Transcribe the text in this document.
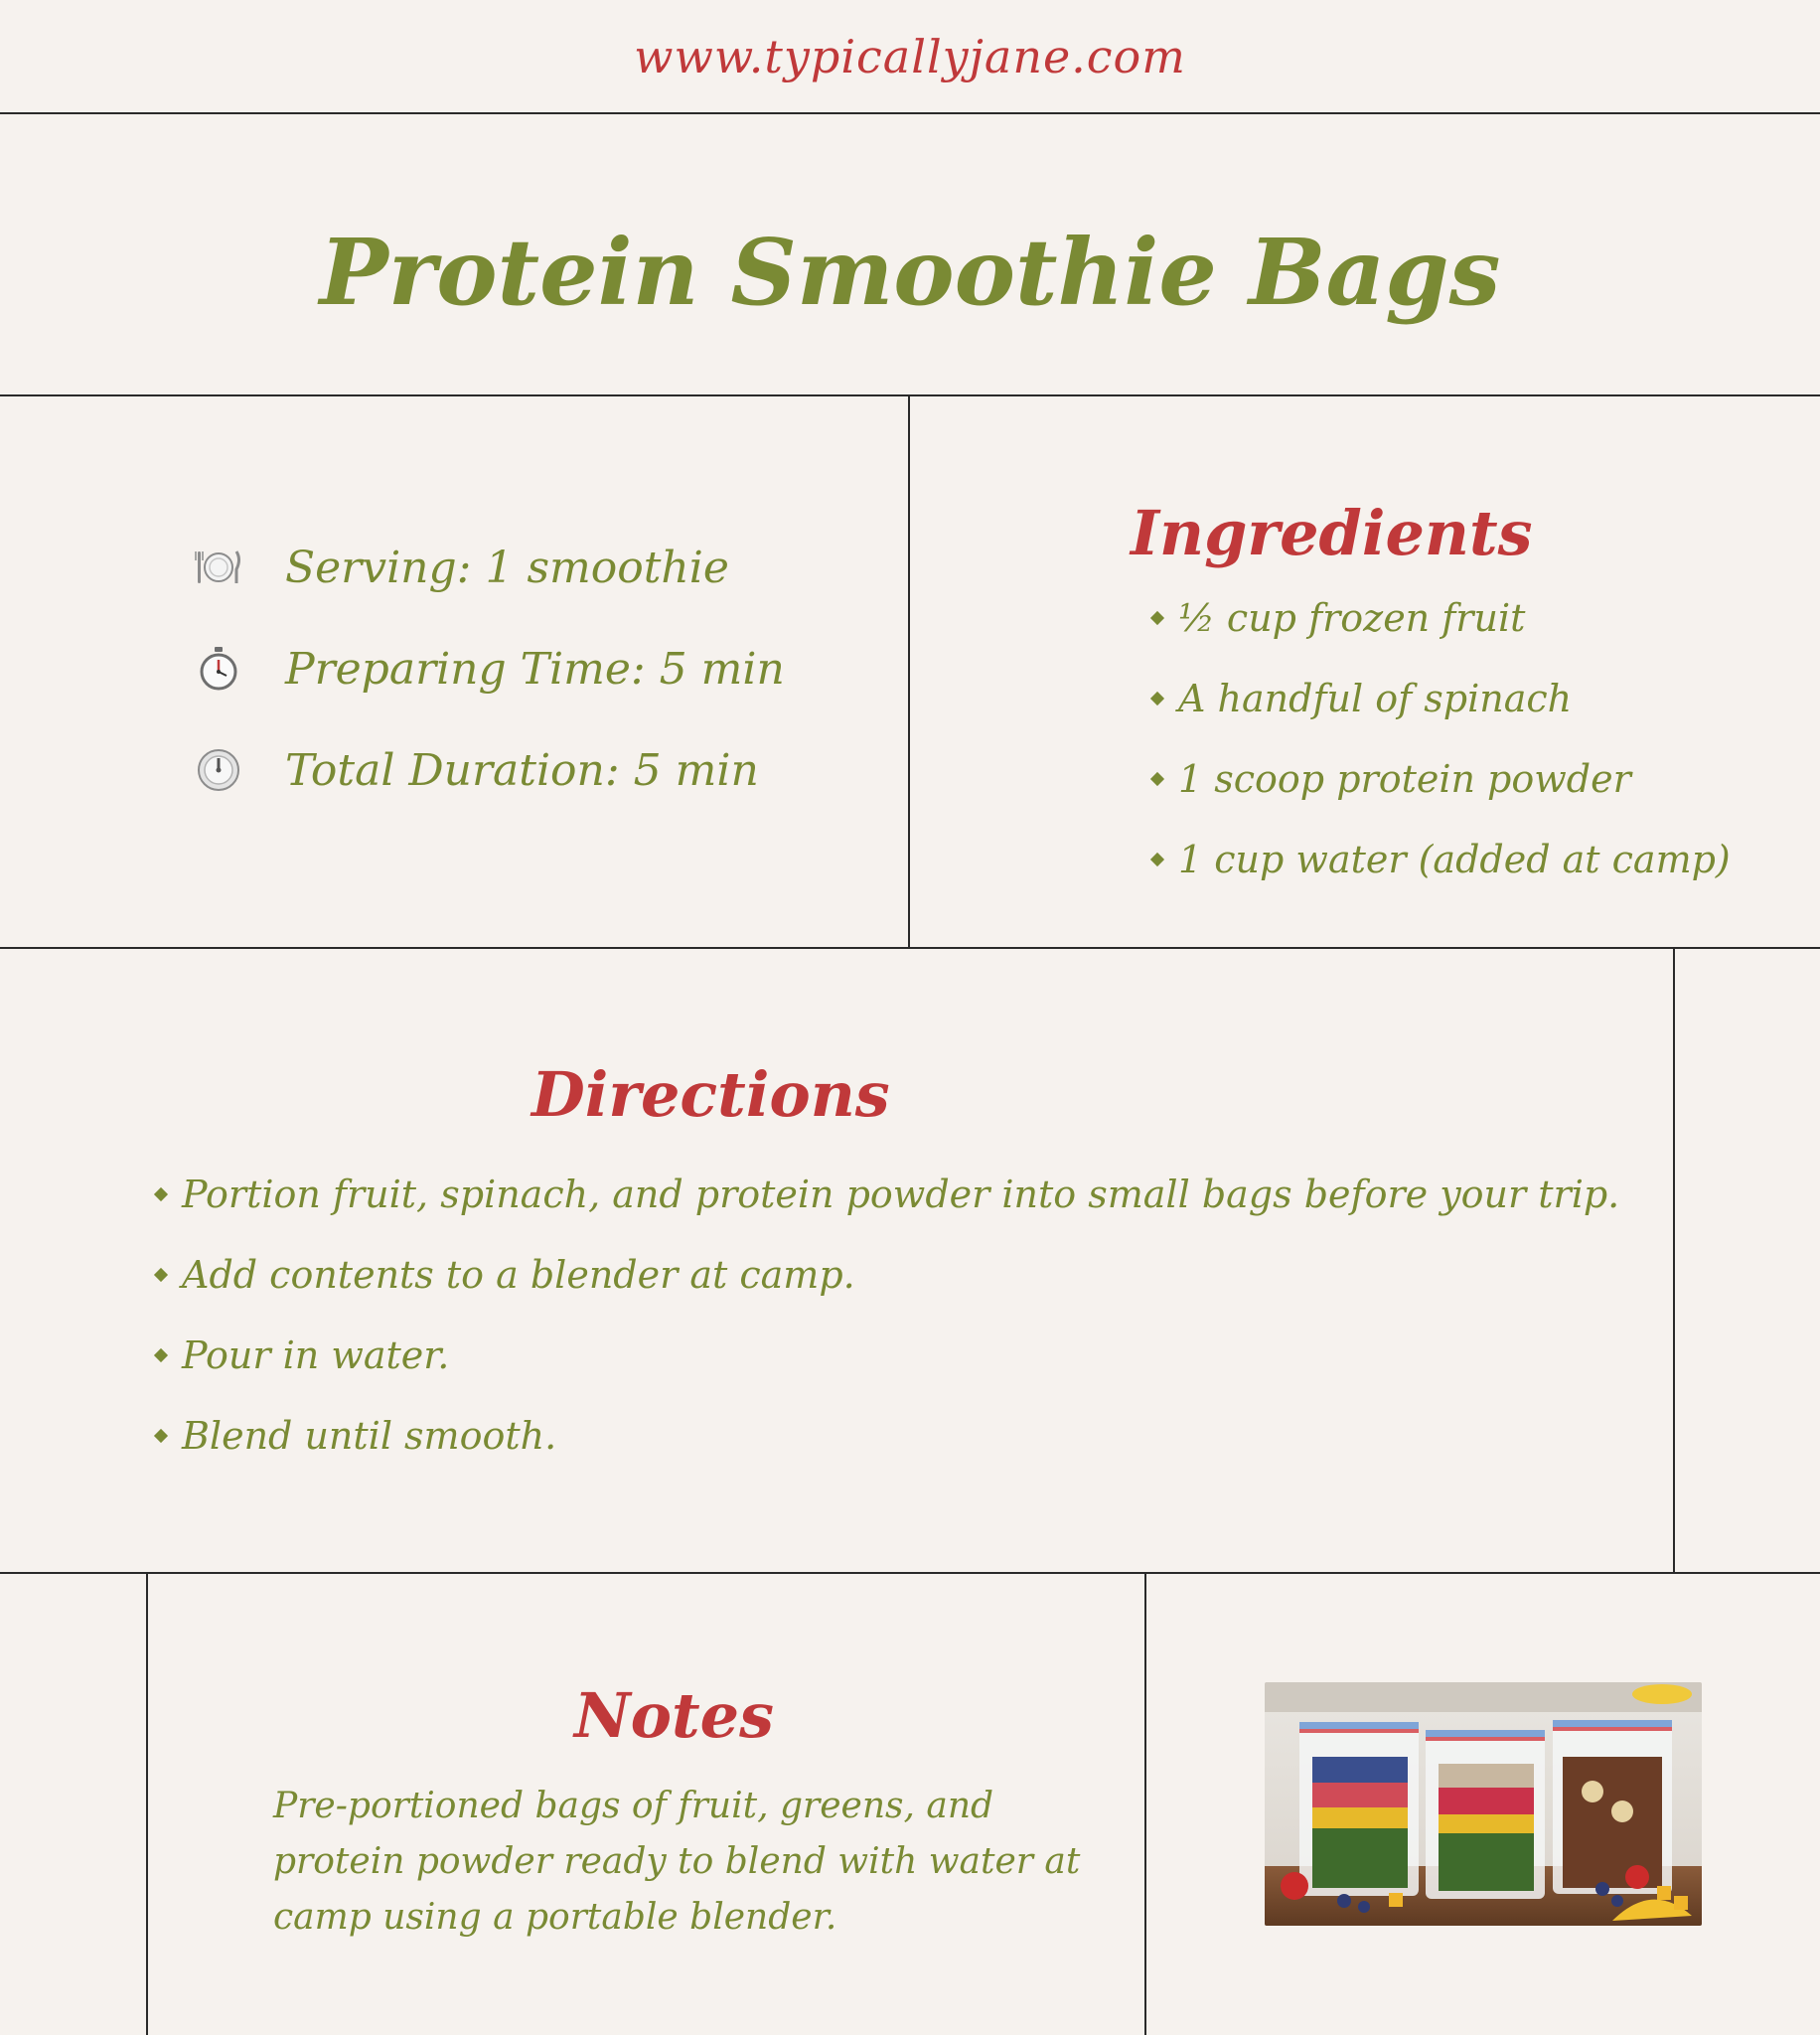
www.typicallyjane.com
Protein Smoothie Bags
Serving: 1 smoothie
Preparing Time: 5 min
Total Duration: 5 min
Ingredients
½ cup frozen fruit
A handful of spinach
1 scoop protein powder
1 cup water (added at camp)
Directions
Portion fruit, spinach, and protein powder into small bags before your trip.
Add contents to a blender at camp.
Pour in water.
Blend until smooth.
Notes

Pre-portioned bags of fruit, greens, and protein powder ready to blend with water at camp using a portable blender.
